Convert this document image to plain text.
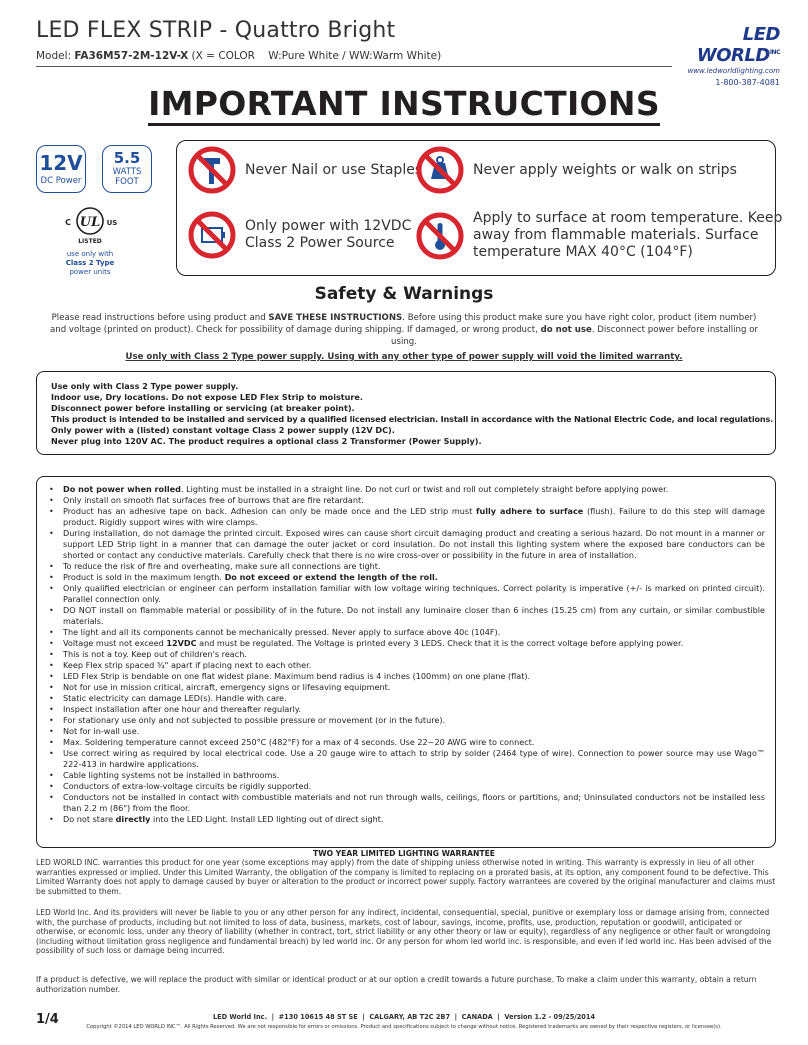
LED FLEX STRIP - Quattro Bright
Model: FA36M57-2M-12V-X (X = COLOR    W:Pure White / WW:Warm White)
LED $WORLD^{INC}$
www.ledworldlighting.com
1-800-387-4081
IMPORTANT INSTRUCTIONS
12V
DC Power
5.5
WATTS
FOOT
UL
C	US
LISTED
use only with
Class 2 Type
power units
Never Nail or use Staples	Never apply weights or walk on strips
Only power with 12VDC
Class 2 Power Source
Apply to surface at room temperature. Keep
away from flammable materials. Surface
temperature MAX 40°C (104°F)
Safety & Warnings
Please read instructions before using product and SAVE THESE INSTRUCTIONS. Before using this product make sure you have right color, product (item number) and voltage (printed on product). Check for possibility of damage during shipping. If damaged, or wrong product, do not use. Disconnect power before installing or using.
Use only with Class 2 Type power supply. Using with any other type of power supply will void the limited warranty.
Use only with Class 2 Type power supply.
Indoor use, Dry locations. Do not expose LED Flex Strip to moisture.
Disconnect power before installing or servicing (at breaker point).
This product is intended to be installed and serviced by a qualified licensed electrician. Install in accordance with the National Electric Code, and local regulations.
Only power with a (listed) constant voltage Class 2 power supply (12V DC).
Never plug into 120V AC. The product requires a optional class 2 Transformer (Power Supply).
• Do not power when rolled. Lighting must be installed in a straight line. Do not curl or twist and roll out completely straight before applying power.
• Only install on smooth flat surfaces free of burrows that are fire retardant.
• Product has an adhesive tape on back. Adhesion can only be made once and the LED strip must fully adhere to surface (flush). Failure to do this step will damage product. Rigidly support wires with wire clamps.
• During installation, do not damage the printed circuit. Exposed wires can cause short circuit damaging product and creating a serious hazard. Do not mount in a manner or support LED Strip light in a manner that can damage the outer jacket or cord insulation. Do not install this lighting system where the exposed bare conductors can be shorted or contact any conductive materials. Carefully check that there is no wire cross-over or possibility in the future in area of installation.
• To reduce the risk of fire and overheating, make sure all connections are tight.
• Product is sold in the maximum length. Do not exceed or extend the length of the roll.
• Only qualified electrician or engineer can perform installation familiar with low voltage wiring techniques. Correct polarity is imperative (+/- is marked on printed circuit). Parallel connection only.
• DO NOT install on flammable material or possibility of in the future. Do not install any luminaire closer than 6 inches (15.25 cm) from any curtain, or similar combustible materials.
• The light and all its components cannot be mechanically pressed. Never apply to surface above 40c (104F).
• Voltage must not exceed 12VDC and must be regulated. The Voltage is printed every 3 LEDS. Check that it is the correct voltage before applying power.
• This is not a toy. Keep out of children's reach.
• Keep Flex strip spaced ¾" apart if placing next to each other.
• LED Flex Strip is bendable on one flat widest plane. Maximum bend radius is 4 inches (100mm) on one plane (flat).
• Not for use in mission critical, aircraft, emergency signs or lifesaving equipment.
• Static electricity can damage LED(s). Handle with care.
• Inspect installation after one hour and thereafter regularly.
• For stationary use only and not subjected to possible pressure or movement (or in the future).
• Not for in-wall use.
• Max. Soldering temperature cannot exceed 250°C (482°F) for a max of 4 seconds. Use 22~20 AWG wire to connect.
• Use correct wiring as required by local electrical code. Use a 20 gauge wire to attach to strip by solder (2464 type of wire). Connection to power source may use Wago™ 222-413 in hardwire applications.
• Cable lighting systems not be installed in bathrooms.
• Conductors of extra-low-voltage circuits be rigidly supported.
• Conductors not be installed in contact with combustible materials and not run through walls, ceilings, floors or partitions, and; Uninsulated conductors not be installed less than 2.2 m (86") from the floor.
• Do not stare directly into the LED Light. Install LED lighting out of direct sight.
TWO YEAR LIMITED LIGHTING WARRANTEE
LED WORLD INC. warranties this product for one year (some exceptions may apply) from the date of shipping unless otherwise noted in writing. This warranty is expressly in lieu of all other warranties expressed or implied. Under this Limited Warranty, the obligation of the company is limited to replacing on a prorated basis, at its option, any component found to be defective. This Limited Warranty does not apply to damage caused by buyer or alteration to the product or incorrect power supply. Factory warrantees are covered by the original manufacturer and claims must be submitted to them.
LED World Inc. And its providers will never be liable to you or any other person for any indirect, incidental, consequential, special, punitive or exemplary loss or damage arising from, connected with, the purchase of products, including but not limited to loss of data, business, markets, cost of labour, savings, income, profits, use, production, reputation or goodwill, anticipated or otherwise, or economic loss, under any theory of liability (whether in contract, tort, strict liability or any other theory or law or equity), regardless of any negligence or other fault or wrongdoing (including without limitation gross negligence and fundamental breach) by led world inc. Or any person for whom led world inc. is responsible, and even if led world inc. Has been advised of the possibility of such loss or damage being incurred.
If a product is defective, we will replace the product with similar or identical product or at our option a credit towards a future purchase. To make a claim under this warranty, obtain a return authorization number.
1/4	LED World Inc.  |  #130 10615 48 ST SE  |  CALGARY, AB T2C 2B7  |  CANADA  |  Version 1.2 - 09/25/2014
Copyright ©2014 LED WORLD INC™. All Rights Reserved. We are not responsible for errors or omissions. Product and specifications subject to change without notice. Registered trademarks are owned by their respective registers, or licensee(s).
